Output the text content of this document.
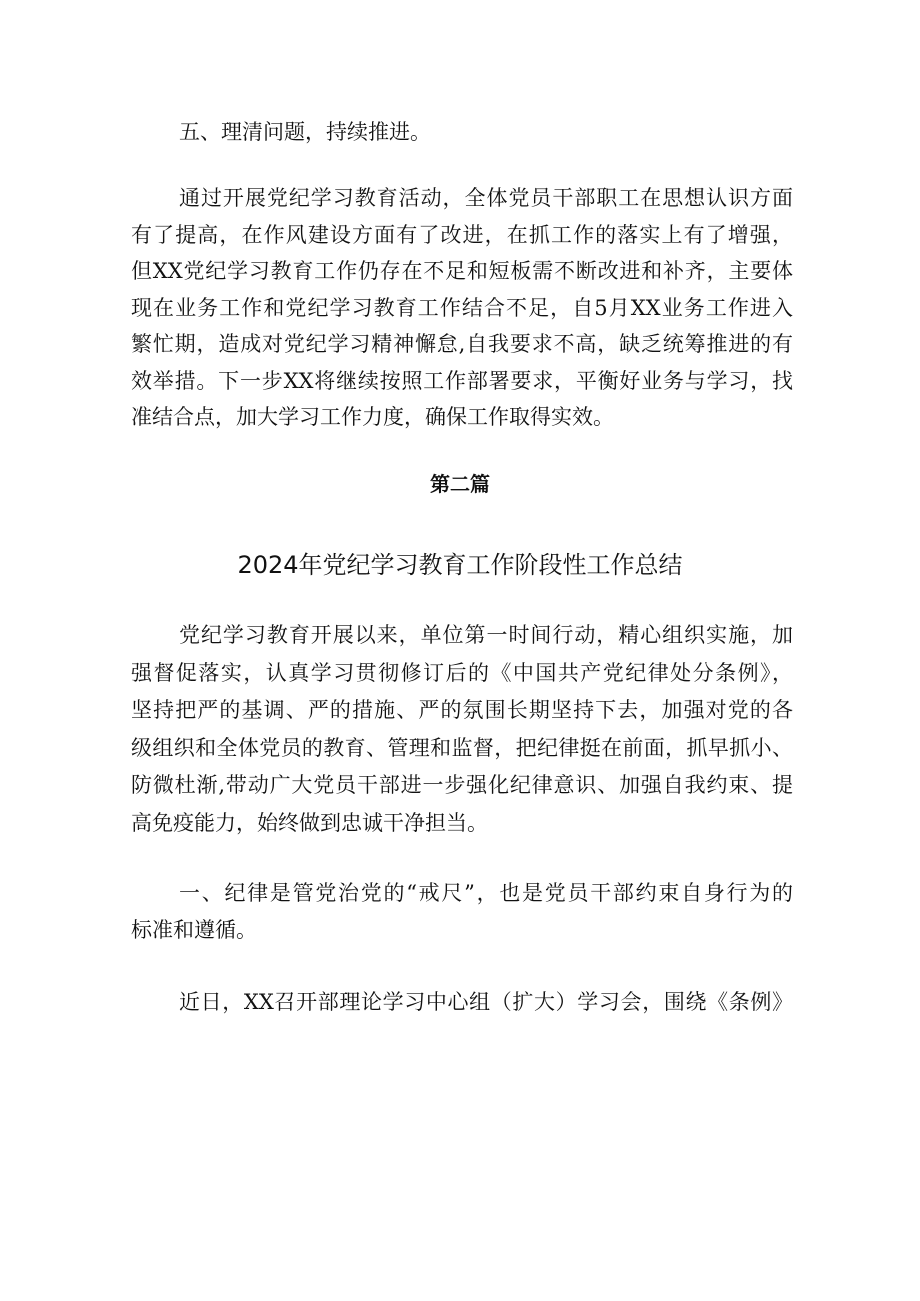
五、理清问题，持续推进。
通过开展党纪学习教育活动，全体党员干部职工在思想认识方面
有了提高，在作风建设方面有了改进，在抓工作的落实上有了增强，
但XX党纪学习教育工作仍存在不足和短板需不断改进和补齐，主要体
现在业务工作和党纪学习教育工作结合不足，自5月XX业务工作进入
繁忙期，造成对党纪学习精神懈怠,自我要求不高，缺乏统筹推进的有
效举措。下一步XX将继续按照工作部署要求，平衡好业务与学习，找
准结合点，加大学习工作力度，确保工作取得实效。
第二篇
2024年党纪学习教育工作阶段性工作总结
党纪学习教育开展以来，单位第一时间行动，精心组织实施，加
强督促落实，认真学习贯彻修订后的《中国共产党纪律处分条例》，
坚持把严的基调、严的措施、严的氛围长期坚持下去，加强对党的各
级组织和全体党员的教育、管理和监督，把纪律挺在前面，抓早抓小、
防微杜渐,带动广大党员干部进一步强化纪律意识、加强自我约束、提
高免疫能力，始终做到忠诚干净担当。
一、纪律是管党治党的“戒尺”，也是党员干部约束自身行为的
标准和遵循。
近日，XX召开部理论学习中心组（扩大）学习会，围绕《条例》
